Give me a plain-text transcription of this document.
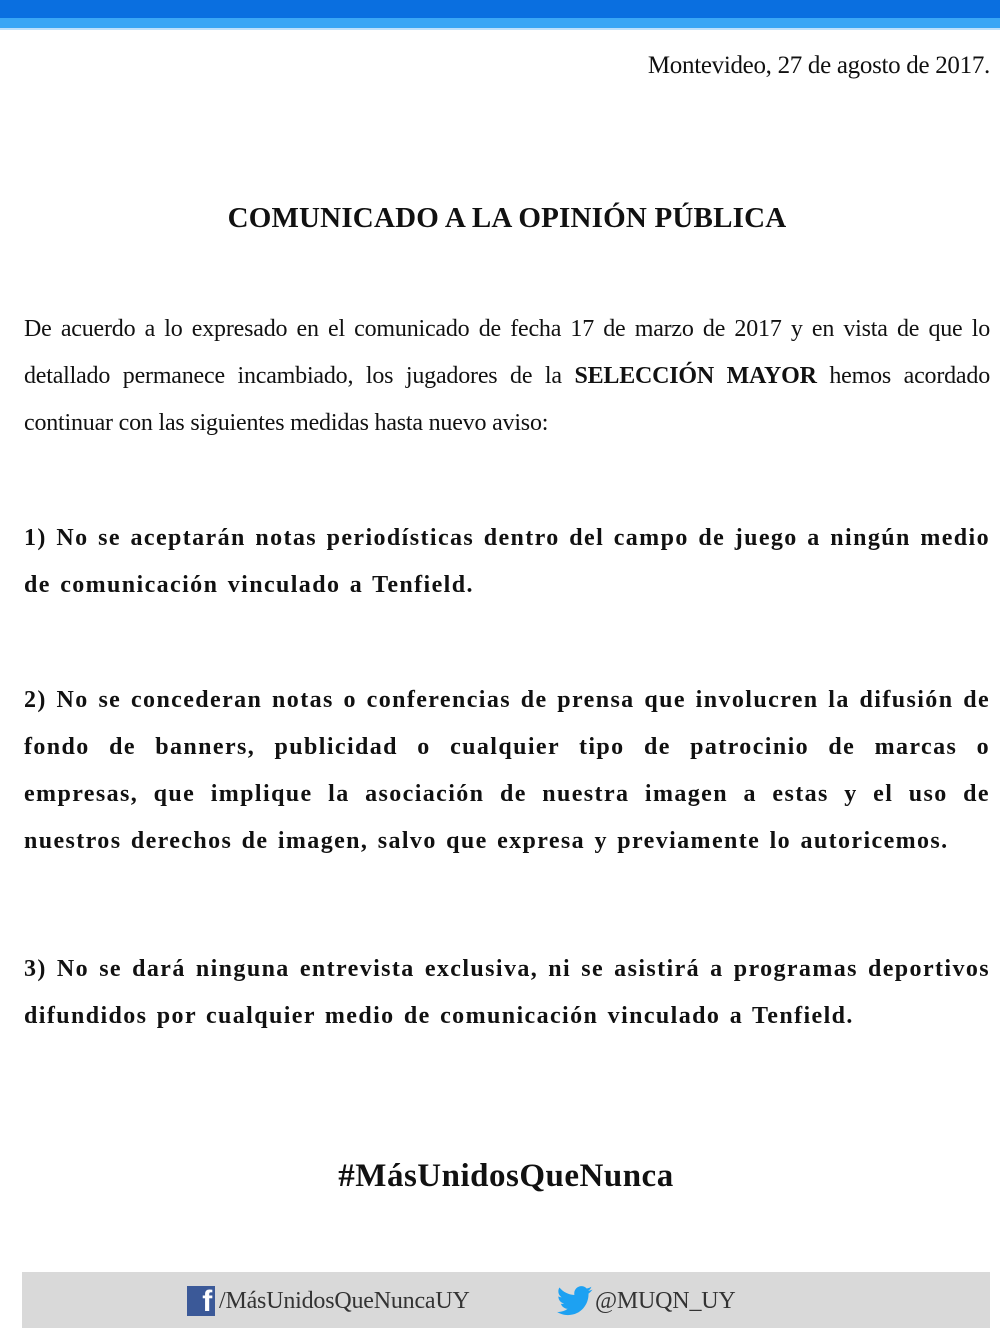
Montevideo, 27 de agosto de 2017.
COMUNICADO A LA OPINIÓN PÚBLICA
De acuerdo a lo expresado en el comunicado de fecha 17 de marzo de 2017 y en vista de que lo detallado permanece incambiado, los jugadores de la SELECCIÓN MAYOR hemos acordado continuar con las siguientes medidas hasta nuevo aviso:
1) No se aceptarán notas periodísticas dentro del campo de juego a ningún medio de comunicación vinculado a Tenfield.
2) No se concederan notas o conferencias de prensa que involucren la difusión de fondo de banners, publicidad o cualquier tipo de patrocinio de marcas o empresas, que implique la asociación de nuestra imagen a estas y el uso de nuestros derechos de imagen, salvo que expresa y previamente lo autoricemos.
3) No se dará ninguna entrevista exclusiva, ni se asistirá a programas deportivos difundidos por cualquier medio de comunicación vinculado a Tenfield.
#MásUnidosQueNunca
f /MásUnidosQueNuncaUY	@MUQN_UY
